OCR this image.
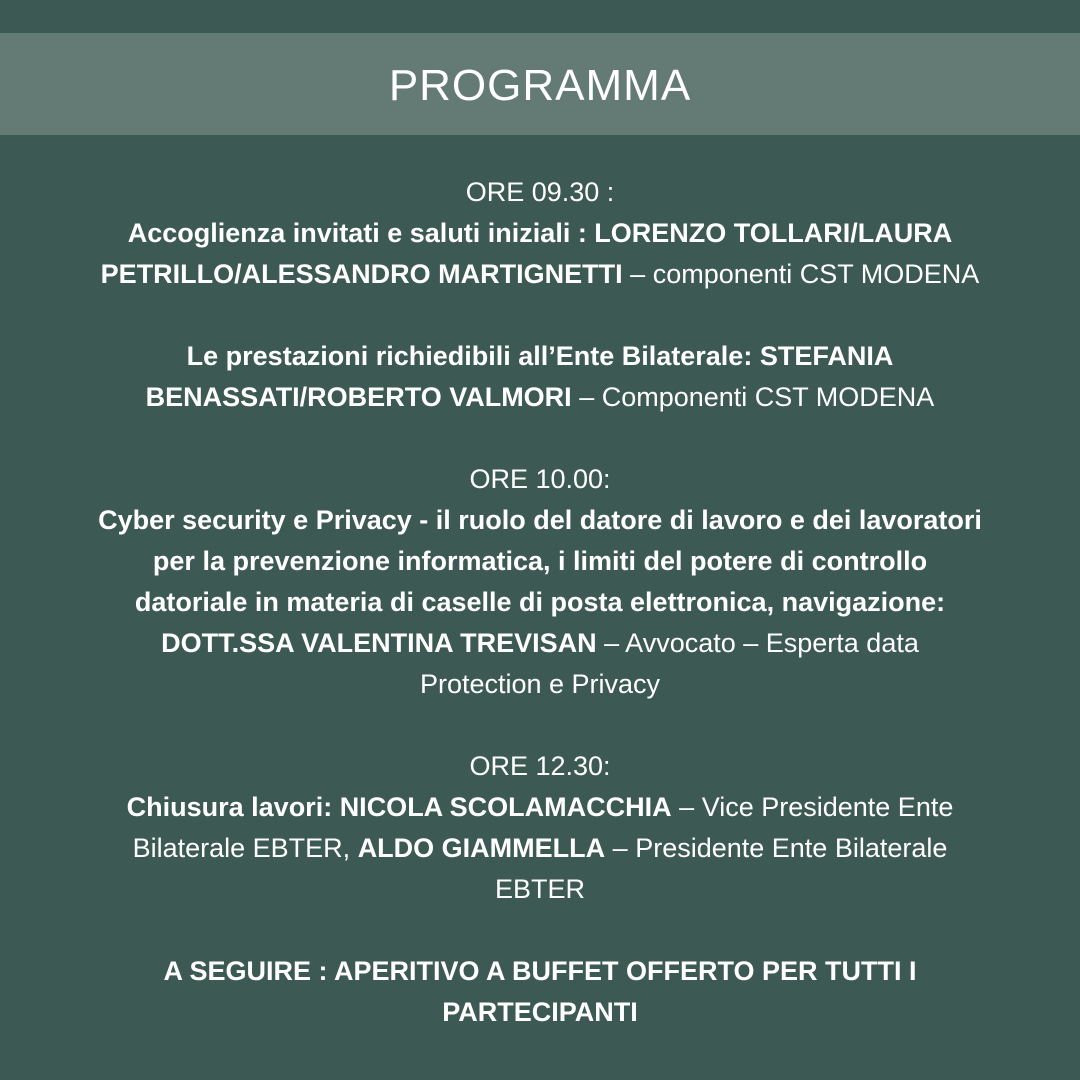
PROGRAMMA

ORE 09.30 :
Accoglienza invitati e saluti iniziali : LORENZO TOLLARI/LAURA
PETRILLO/ALESSANDRO MARTIGNETTI – componenti CST MODENA

Le prestazioni richiedibili all’Ente Bilaterale: STEFANIA
BENASSATI/ROBERTO VALMORI – Componenti CST MODENA

ORE 10.00:
Cyber security e Privacy - il ruolo del datore di lavoro e dei lavoratori
per la prevenzione informatica, i limiti del potere di controllo
datoriale in materia di caselle di posta elettronica, navigazione:
DOTT.SSA VALENTINA TREVISAN – Avvocato – Esperta data
Protection e Privacy

ORE 12.30:
Chiusura lavori: NICOLA SCOLAMACCHIA – Vice Presidente Ente
Bilaterale EBTER, ALDO GIAMMELLA – Presidente Ente Bilaterale
EBTER

A SEGUIRE : APERITIVO A BUFFET OFFERTO PER TUTTI I
PARTECIPANTI
